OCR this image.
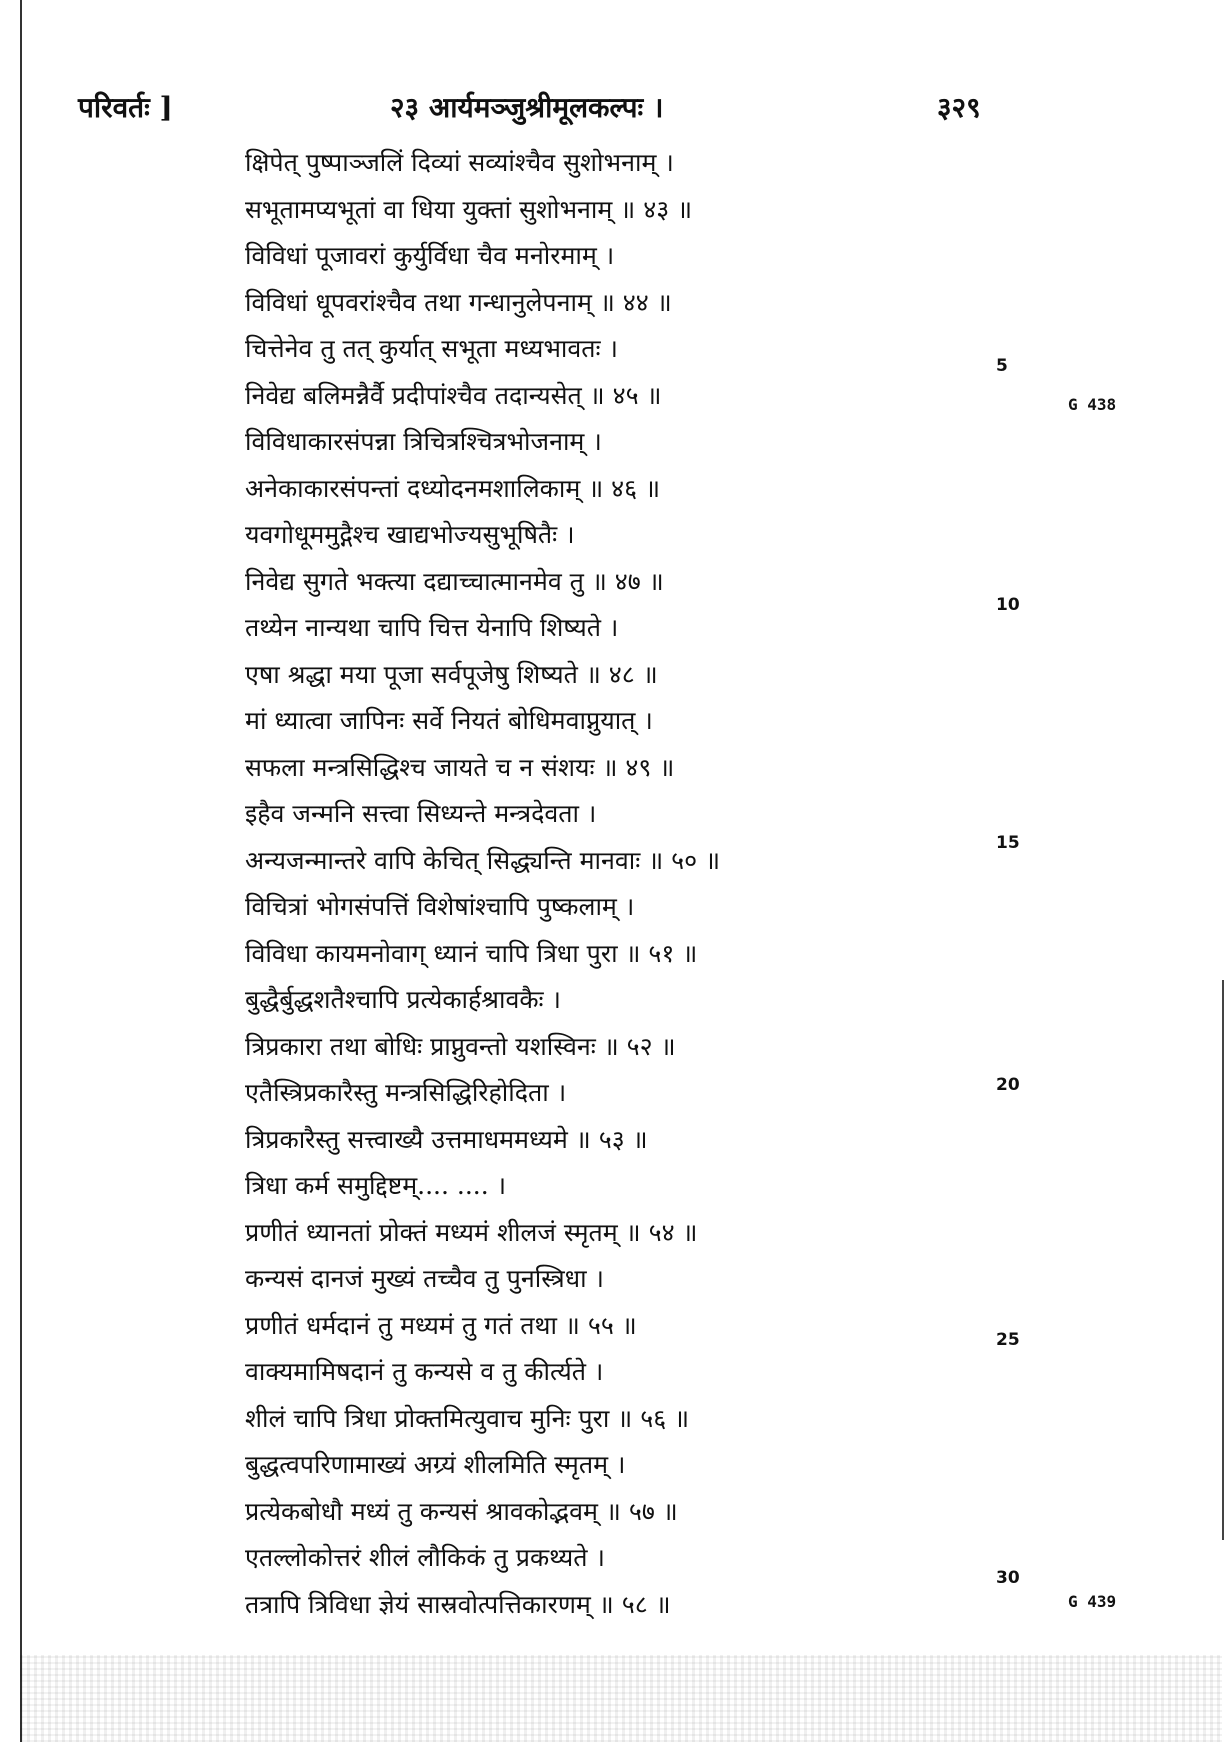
परिवर्तः ]	२३ आर्यमञ्जुश्रीमूलकल्पः ।	३२९
क्षिपेत् पुष्पाञ्जलिं दिव्यां सव्यांश्चैव सुशोभनाम् ।
सभूतामप्यभूतां वा धिया युक्तां सुशोभनाम् ॥ ४३ ॥
विविधां पूजावरां कुर्युर्विधा चैव मनोरमाम् ।
विविधां धूपवरांश्चैव तथा गन्धानुलेपनाम् ॥ ४४ ॥
चित्तेनेव तु तत् कुर्यात् सभूता मध्यभावतः ।
निवेद्य बलिमन्नैर्वै प्रदीपांश्चैव तदान्यसेत् ॥ ४५ ॥
विविधाकारसंपन्ना त्रिचित्रश्चित्रभोजनाम् ।
अनेकाकारसंपन्तां दध्योदनमशालिकाम् ॥ ४६ ॥
यवगोधूममुद्गैश्च खाद्यभोज्यसुभूषितैः ।
निवेद्य सुगते भक्त्या दद्याच्चात्मानमेव तु ॥ ४७ ॥
तथ्येन नान्यथा चापि चित्त येनापि शिष्यते ।
एषा श्रद्धा मया पूजा सर्वपूजेषु शिष्यते ॥ ४८ ॥
मां ध्यात्वा जापिनः सर्वे नियतं बोधिमवाप्नुयात् ।
सफला मन्त्रसिद्धिश्च जायते च न संशयः ॥ ४९ ॥
इहैव जन्मनि सत्त्वा सिध्यन्ते मन्त्रदेवता ।
अन्यजन्मान्तरे वापि केचित् सिद्ध्यन्ति मानवाः ॥ ५० ॥
विचित्रां भोगसंपत्तिं विशेषांश्चापि पुष्कलाम् ।
विविधा कायमनोवाग् ध्यानं चापि त्रिधा पुरा ॥ ५१ ॥
बुद्धैर्बुद्धशतैश्चापि प्रत्येकार्हश्रावकैः ।
त्रिप्रकारा तथा बोधिः प्राप्नुवन्तो यशस्विनः ॥ ५२ ॥
एतैस्त्रिप्रकारैस्तु मन्त्रसिद्धिरिहोदिता ।
त्रिप्रकारैस्तु सत्त्वाख्यै उत्तमाधममध्यमे ॥ ५३ ॥
त्रिधा कर्म समुद्दिष्टम्.... .... ।
प्रणीतं ध्यानतां प्रोक्तं मध्यमं शीलजं स्मृतम् ॥ ५४ ॥
कन्यसं दानजं मुख्यं तच्चैव तु पुनस्त्रिधा ।
प्रणीतं धर्मदानं तु मध्यमं तु गतं तथा ॥ ५५ ॥
वाक्यमामिषदानं तु कन्यसे व तु कीर्त्यते ।
शीलं चापि त्रिधा प्रोक्तमित्युवाच मुनिः पुरा ॥ ५६ ॥
बुद्धत्वपरिणामाख्यं अग्र्यं शीलमिति स्मृतम् ।
प्रत्येकबोधौ मध्यं तु कन्यसं श्रावकोद्भवम् ॥ ५७ ॥
एतल्लोकोत्तरं शीलं लौकिकं तु प्रकथ्यते ।
तत्रापि त्रिविधा ज्ञेयं सास्रवोत्पत्तिकारणम् ॥ ५८ ॥
5
10
15
20
25
30
G 438
G 439
